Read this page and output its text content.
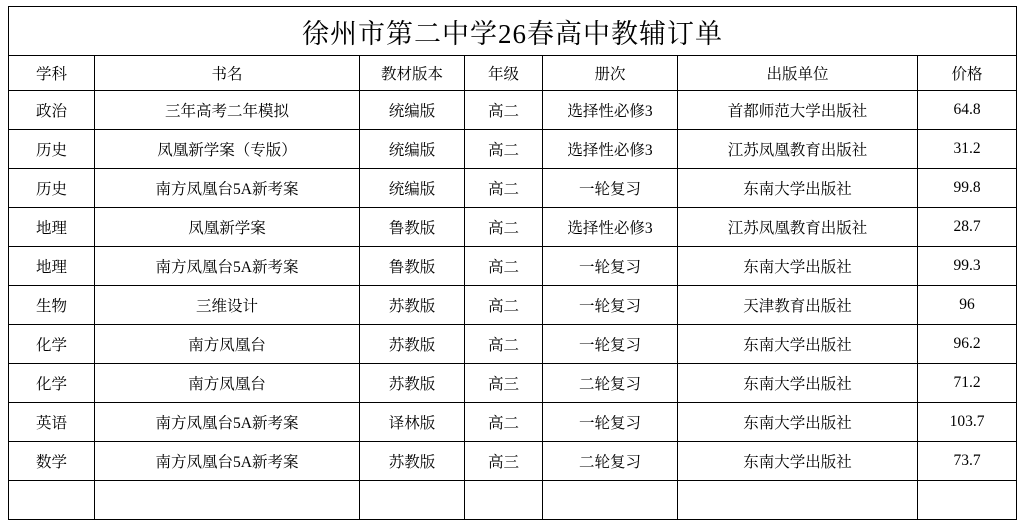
徐州市第二中学26春高中教辅订单						
学科	书名	教材版本	年级	册次	出版单位	价格
政治	三年高考二年模拟	统编版	高二	选择性必修3	首都师范大学出版社	64.8
历史	凤凰新学案（专版）	统编版	高二	选择性必修3	江苏凤凰教育出版社	31.2
历史	南方凤凰台5A新考案	统编版	高二	一轮复习	东南大学出版社	99.8
地理	凤凰新学案	鲁教版	高二	选择性必修3	江苏凤凰教育出版社	28.7
地理	南方凤凰台5A新考案	鲁教版	高二	一轮复习	东南大学出版社	99.3
生物	三维设计	苏教版	高二	一轮复习	天津教育出版社	96
化学	南方凤凰台	苏教版	高二	一轮复习	东南大学出版社	96.2
化学	南方凤凰台	苏教版	高三	二轮复习	东南大学出版社	71.2
英语	南方凤凰台5A新考案	译林版	高二	一轮复习	东南大学出版社	103.7
数学	南方凤凰台5A新考案	苏教版	高三	二轮复习	东南大学出版社	73.7
